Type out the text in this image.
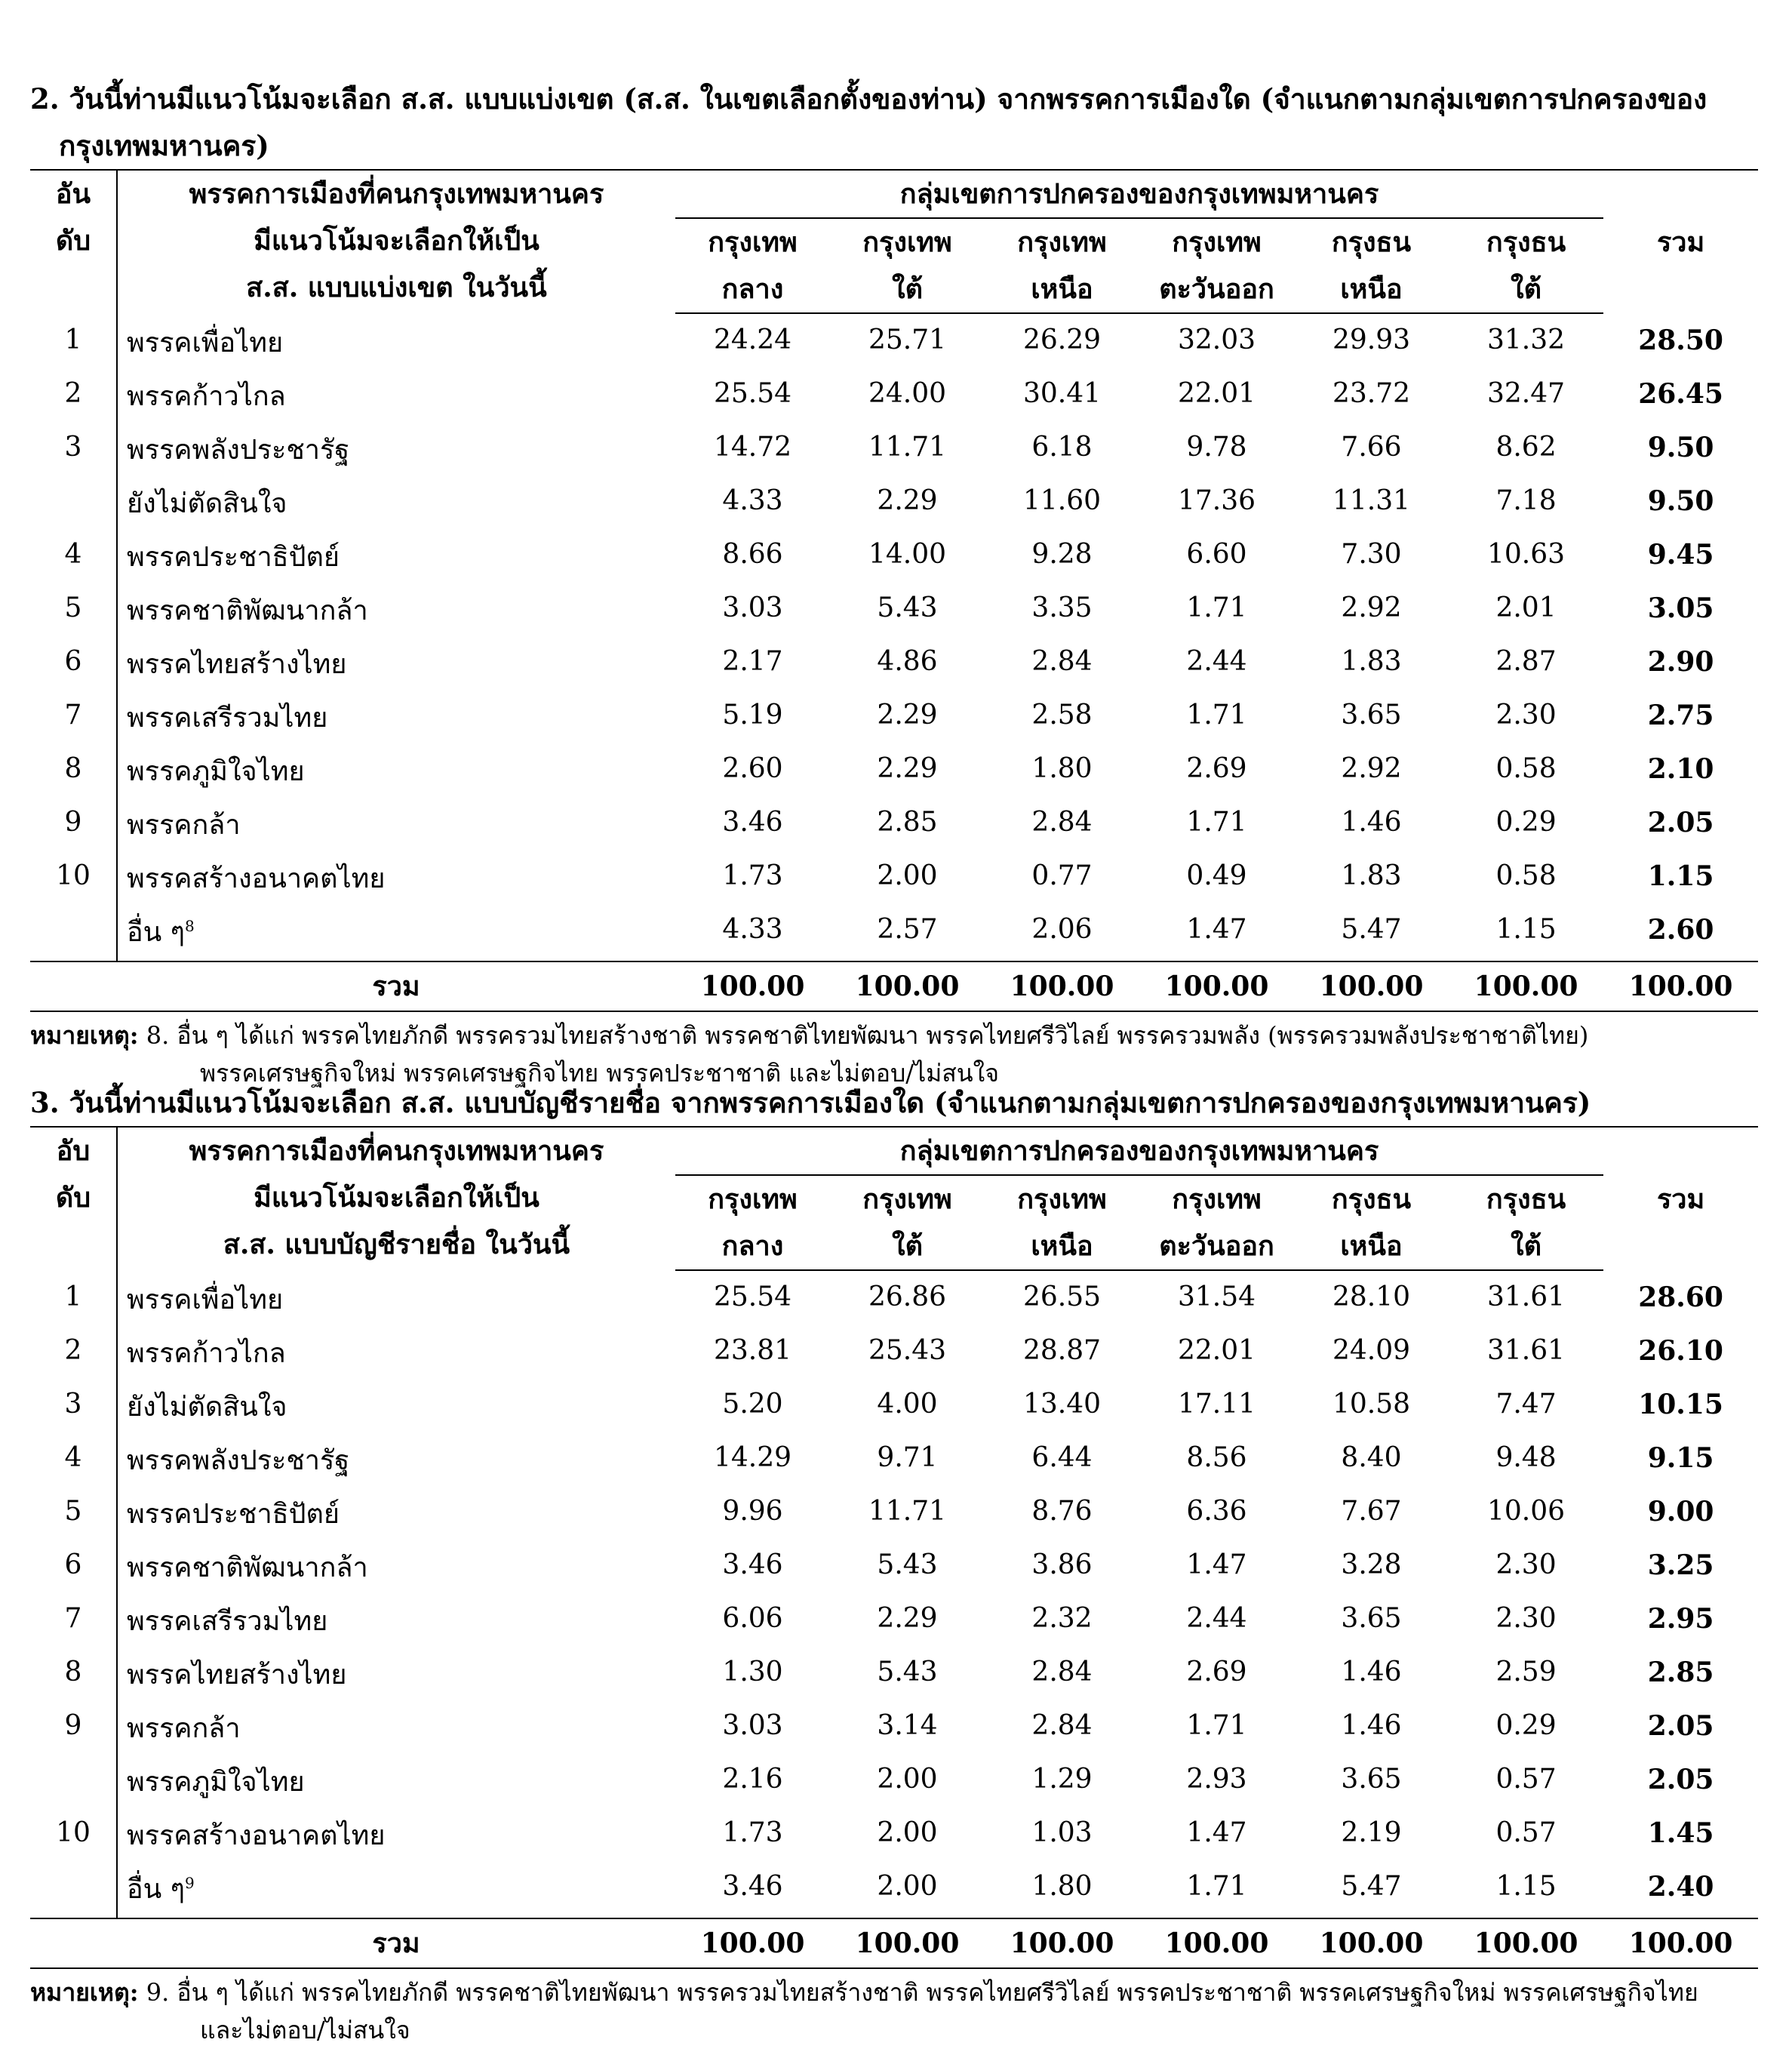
2. วันนี้ท่านมีแนวโน้มจะเลือก ส.ส. แบบแบ่งเขต (ส.ส. ในเขตเลือกตั้งของท่าน) จากพรรคการเมืองใด (จำแนกตามกลุ่มเขตการปกครองของ
กรุงเทพมหานคร)

อัน
ดับ	พรรคการเมืองที่คนกรุงเทพมหานคร
มีแนวโน้มจะเลือกให้เป็น
ส.ส. แบบแบ่งเขต ในวันนี้	กลุ่มเขตการปกครองของกรุงเทพมหานคร						รวม
		กรุงเทพ	กรุงเทพ	กรุงเทพ	กรุงเทพ	กรุงธน	กรุงธน	
		กลาง	ใต้	เหนือ	ตะวันออก	เหนือ	ใต้	
1	พรรคเพื่อไทย	24.24	25.71	26.29	32.03	29.93	31.32	28.50
2	พรรคก้าวไกล	25.54	24.00	30.41	22.01	23.72	32.47	26.45
3	พรรคพลังประชารัฐ	14.72	11.71	6.18	9.78	7.66	8.62	9.50
	ยังไม่ตัดสินใจ	4.33	2.29	11.60	17.36	11.31	7.18	9.50
4	พรรคประชาธิปัตย์	8.66	14.00	9.28	6.60	7.30	10.63	9.45
5	พรรคชาติพัฒนากล้า	3.03	5.43	3.35	1.71	2.92	2.01	3.05
6	พรรคไทยสร้างไทย	2.17	4.86	2.84	2.44	1.83	2.87	2.90
7	พรรคเสรีรวมไทย	5.19	2.29	2.58	1.71	3.65	2.30	2.75
8	พรรคภูมิใจไทย	2.60	2.29	1.80	2.69	2.92	0.58	2.10
9	พรรคกล้า	3.46	2.85	2.84	1.71	1.46	0.29	2.05
10	พรรคสร้างอนาคตไทย	1.73	2.00	0.77	0.49	1.83	0.58	1.15
	อื่น ๆ$^8$	4.33	2.57	2.06	1.47	5.47	1.15	2.60
	รวม	100.00	100.00	100.00	100.00	100.00	100.00	100.00
หมายเหตุ: 8. อื่น ๆ ได้แก่ พรรคไทยภักดี พรรครวมไทยสร้างชาติ พรรคชาติไทยพัฒนา พรรคไทยศรีวิไลย์ พรรครวมพลัง (พรรครวมพลังประชาชาติไทย)
พรรคเศรษฐกิจใหม่ พรรคเศรษฐกิจไทย พรรคประชาชาติ และไม่ตอบ/ไม่สนใจ

3. วันนี้ท่านมีแนวโน้มจะเลือก ส.ส. แบบบัญชีรายชื่อ จากพรรคการเมืองใด (จำแนกตามกลุ่มเขตการปกครองของกรุงเทพมหานคร)

อับ
ดับ	พรรคการเมืองที่คนกรุงเทพมหานคร
มีแนวโน้มจะเลือกให้เป็น
ส.ส. แบบบัญชีรายชื่อ ในวันนี้	กลุ่มเขตการปกครองของกรุงเทพมหานคร						รวม
		กรุงเทพ	กรุงเทพ	กรุงเทพ	กรุงเทพ	กรุงธน	กรุงธน	
		กลาง	ใต้	เหนือ	ตะวันออก	เหนือ	ใต้	
1	พรรคเพื่อไทย	25.54	26.86	26.55	31.54	28.10	31.61	28.60
2	พรรคก้าวไกล	23.81	25.43	28.87	22.01	24.09	31.61	26.10
3	ยังไม่ตัดสินใจ	5.20	4.00	13.40	17.11	10.58	7.47	10.15
4	พรรคพลังประชารัฐ	14.29	9.71	6.44	8.56	8.40	9.48	9.15
5	พรรคประชาธิปัตย์	9.96	11.71	8.76	6.36	7.67	10.06	9.00
6	พรรคชาติพัฒนากล้า	3.46	5.43	3.86	1.47	3.28	2.30	3.25
7	พรรคเสรีรวมไทย	6.06	2.29	2.32	2.44	3.65	2.30	2.95
8	พรรคไทยสร้างไทย	1.30	5.43	2.84	2.69	1.46	2.59	2.85
9	พรรคกล้า	3.03	3.14	2.84	1.71	1.46	0.29	2.05
	พรรคภูมิใจไทย	2.16	2.00	1.29	2.93	3.65	0.57	2.05
10	พรรคสร้างอนาคตไทย	1.73	2.00	1.03	1.47	2.19	0.57	1.45
	อื่น ๆ$^9$	3.46	2.00	1.80	1.71	5.47	1.15	2.40
	รวม	100.00	100.00	100.00	100.00	100.00	100.00	100.00
หมายเหตุ: 9. อื่น ๆ ได้แก่ พรรคไทยภักดี พรรคชาติไทยพัฒนา พรรครวมไทยสร้างชาติ พรรคไทยศรีวิไลย์ พรรคประชาชาติ พรรคเศรษฐกิจใหม่ พรรคเศรษฐกิจไทย
และไม่ตอบ/ไม่สนใจ
